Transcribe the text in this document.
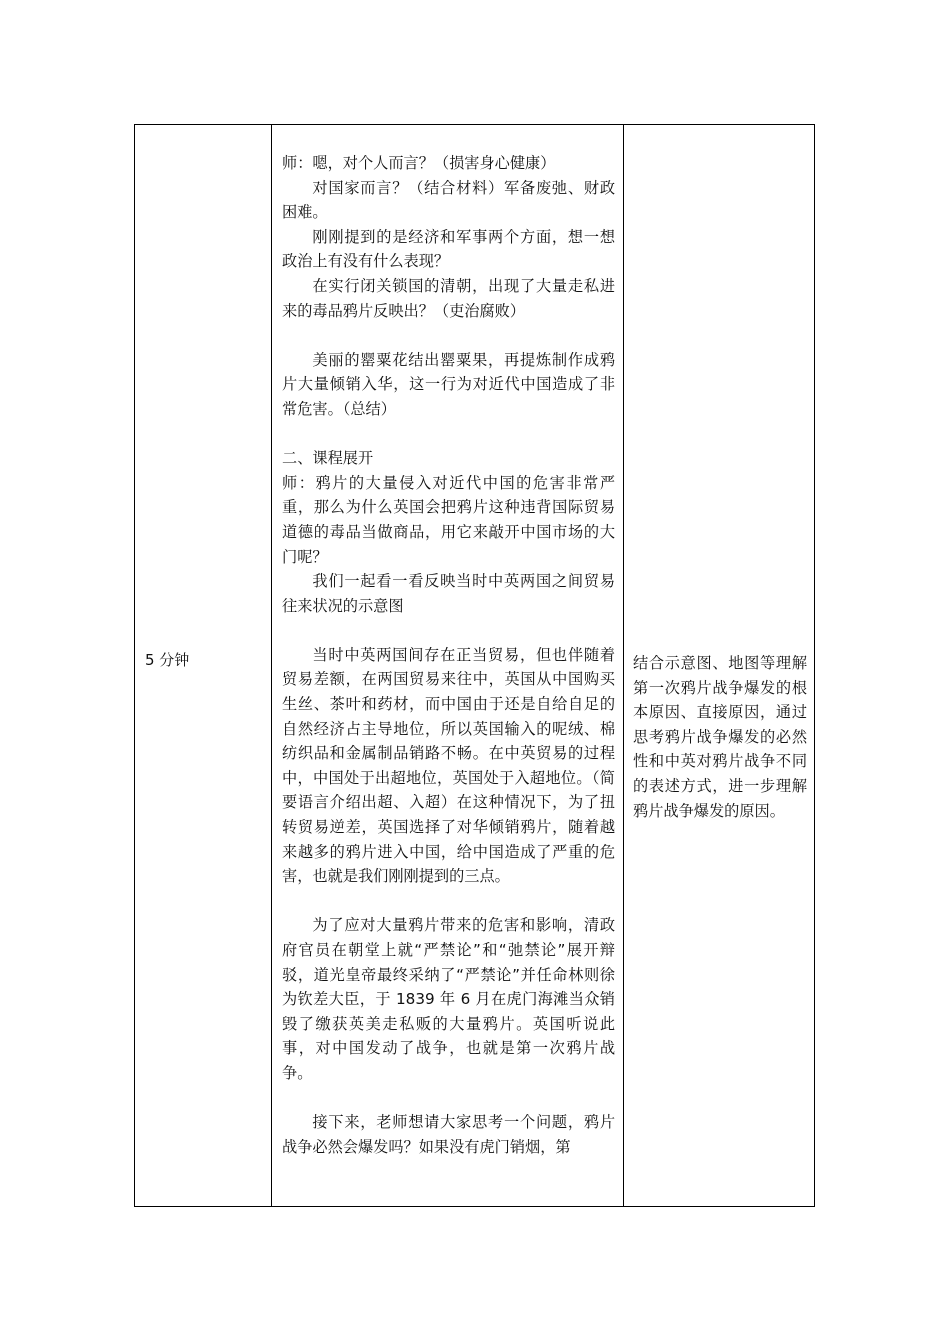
5 分钟

师：嗯，对个人而言？（损害身心健康）

对国家而言？（结合材料）军备废弛、财政困难。

刚刚提到的是经济和军事两个方面，想一想政治上有没有什么表现？

在实行闭关锁国的清朝，出现了大量走私进来的毒品鸦片反映出？（吏治腐败）

美丽的罂粟花结出罂粟果，再提炼制作成鸦片大量倾销入华，这一行为对近代中国造成了非常危害。（总结）

二、课程展开

师：鸦片的大量侵入对近代中国的危害非常严重，那么为什么英国会把鸦片这种违背国际贸易道德的毒品当做商品，用它来敲开中国市场的大门呢？

我们一起看一看反映当时中英两国之间贸易往来状况的示意图

当时中英两国间存在正当贸易，但也伴随着贸易差额，在两国贸易来往中，英国从中国购买生丝、茶叶和药材，而中国由于还是自给自足的自然经济占主导地位，所以英国输入的呢绒、棉纺织品和金属制品销路不畅。在中英贸易的过程中，中国处于出超地位，英国处于入超地位。（简要语言介绍出超、入超）在这种情况下，为了扭转贸易逆差，英国选择了对华倾销鸦片，随着越来越多的鸦片进入中国，给中国造成了严重的危害，也就是我们刚刚提到的三点。

为了应对大量鸦片带来的危害和影响，清政府官员在朝堂上就“严禁论”和“弛禁论”展开辩驳，道光皇帝最终采纳了“严禁论”并任命林则徐为钦差大臣，于 1839 年 6 月在虎门海滩当众销毁了缴获英美走私贩的大量鸦片。英国听说此事，对中国发动了战争，也就是第一次鸦片战争。

接下来，老师想请大家思考一个问题，鸦片战争必然会爆发吗？如果没有虎门销烟，第

结合示意图、地图等理解第一次鸦片战争爆发的根本原因、直接原因，通过思考鸦片战争爆发的必然性和中英对鸦片战争不同的表述方式，进一步理解鸦片战争爆发的原因。
